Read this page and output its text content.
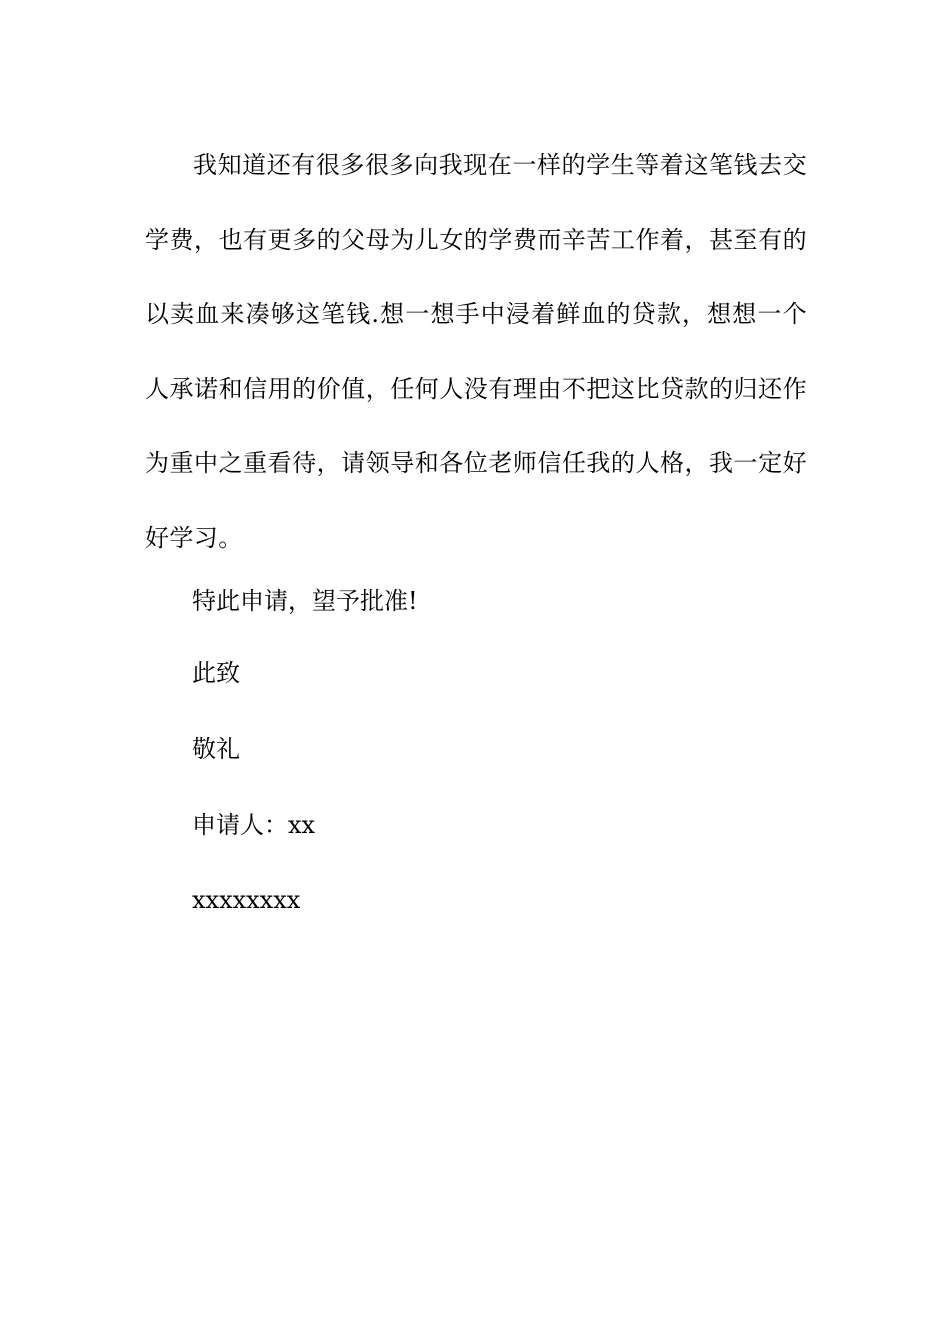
我知道还有很多很多向我现在一样的学生等着这笔钱去交学费，也有更多的父母为儿女的学费而辛苦工作着，甚至有的以卖血来凑够这笔钱.想一想手中浸着鲜血的贷款，想想一个人承诺和信用的价值，任何人没有理由不把这比贷款的归还作为重中之重看待，请领导和各位老师信任我的人格，我一定好好学习。

特此申请，望予批准!

此致

敬礼

申请人：xx

xxxxxxxx
